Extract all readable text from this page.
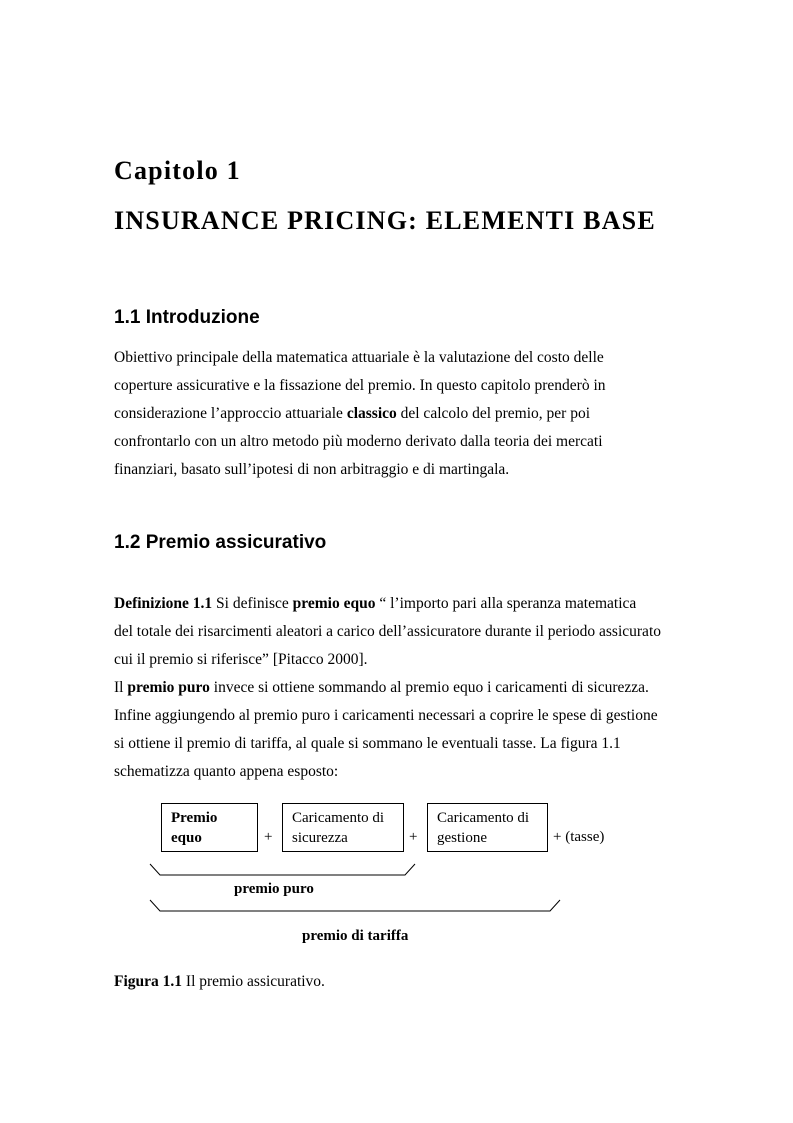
Capitolo 1
INSURANCE PRICING: ELEMENTI BASE
1.1 Introduzione
Obiettivo principale della matematica attuariale è la valutazione del costo delle
coperture assicurative e la fissazione del premio. In questo capitolo prenderò in
considerazione l’approccio attuariale classico del calcolo del premio, per poi
confrontarlo con un altro metodo più moderno derivato dalla teoria dei mercati
finanziari, basato sull’ipotesi di non arbitraggio e di martingala.
1.2 Premio assicurativo
Definizione 1.1 Si definisce premio equo “ l’importo pari alla speranza matematica
del totale dei risarcimenti aleatori a carico dell’assicuratore durante il periodo assicurato
cui il premio si riferisce” [Pitacco 2000].
Il premio puro invece si ottiene sommando al premio equo i caricamenti di sicurezza.
Infine aggiungendo al premio puro i caricamenti necessari a coprire le spese di gestione
si ottiene il premio di tariffa, al quale si sommano le eventuali tasse. La figura 1.1
schematizza quanto appena esposto:
Premio
equo	+
Caricamento di
sicurezza	+
Caricamento di
gestione	+ (tasse)
premio puro
premio di tariffa
Figura 1.1 Il premio assicurativo.
